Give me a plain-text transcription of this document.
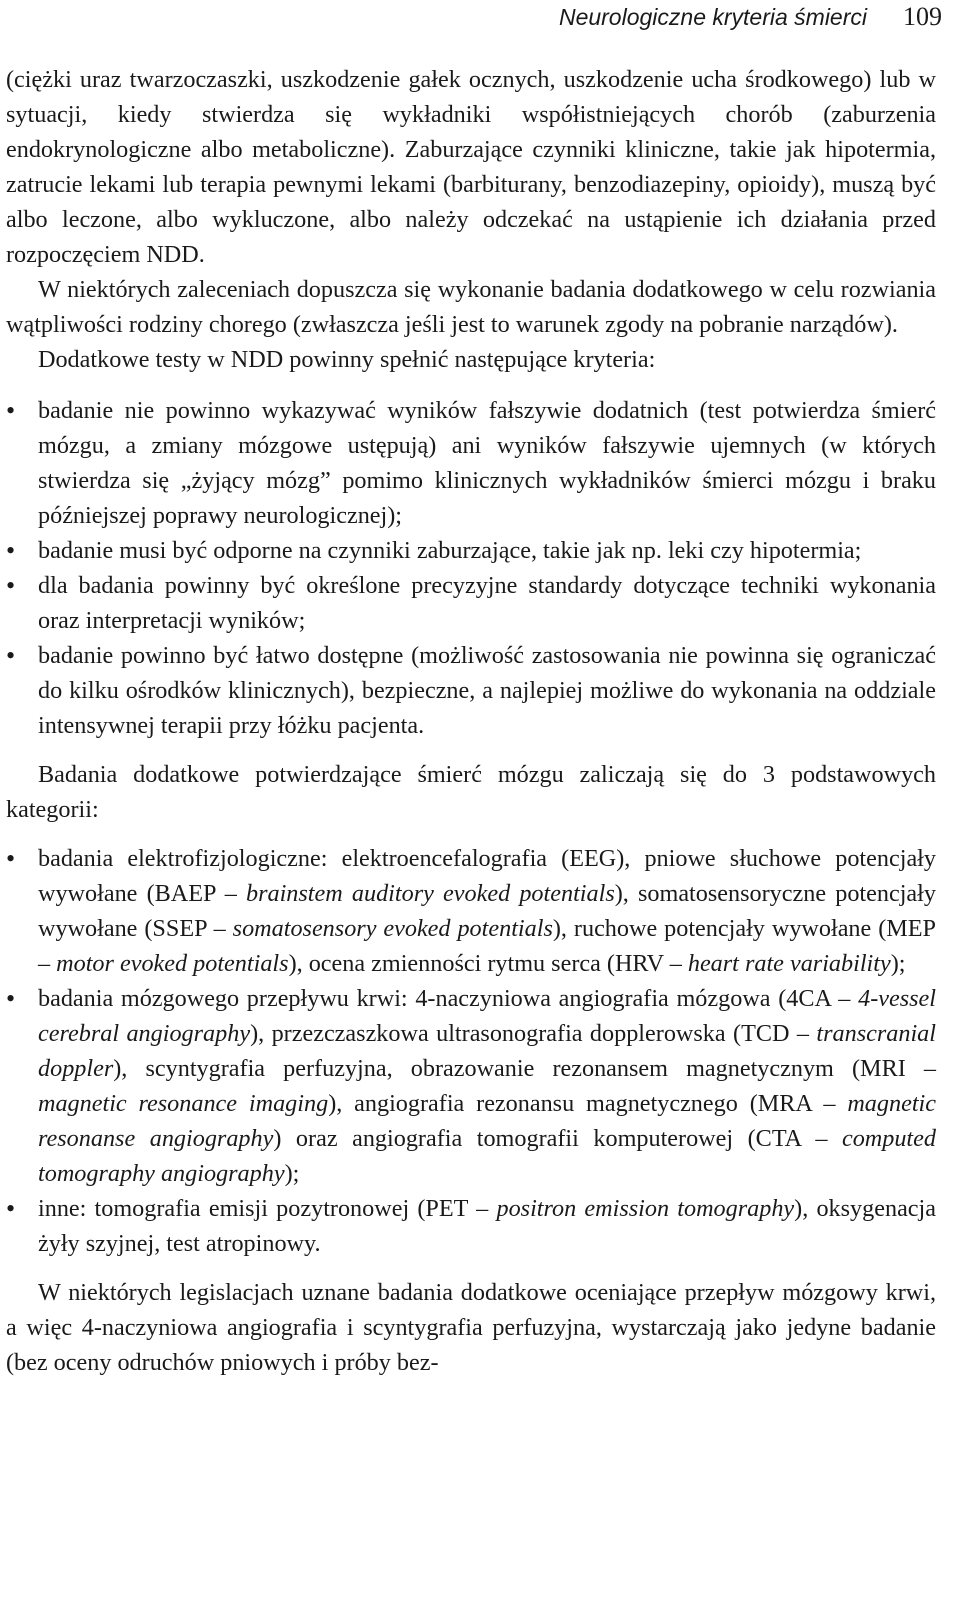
Neurologiczne kryteria śmierci 109

(ciężki uraz twarzoczaszki, uszkodzenie gałek ocznych, uszkodzenie ucha środkowego) lub w sytuacji, kiedy stwierdza się wykładniki współistniejących chorób (zaburzenia endokrynologiczne albo metaboliczne). Zaburzające czynniki kliniczne, takie jak hipotermia, zatrucie lekami lub terapia pewnymi lekami (barbiturany, benzodiazepiny, opioidy), muszą być albo leczone, albo wykluczone, albo należy odczekać na ustąpienie ich działania przed rozpoczęciem NDD.

W niektórych zaleceniach dopuszcza się wykonanie badania dodatkowego w celu rozwiania wątpliwości rodziny chorego (zwłaszcza jeśli jest to warunek zgody na pobranie narządów).

Dodatkowe testy w NDD powinny spełnić następujące kryteria:

• badanie nie powinno wykazywać wyników fałszywie dodatnich (test potwierdza śmierć mózgu, a zmiany mózgowe ustępują) ani wyników fałszywie ujemnych (w których stwierdza się „żyjący mózg” pomimo klinicznych wykładników śmierci mózgu i braku późniejszej poprawy neurologicznej);
• badanie musi być odporne na czynniki zaburzające, takie jak np. leki czy hipotermia;
• dla badania powinny być określone precyzyjne standardy dotyczące techniki wykonania oraz interpretacji wyników;
• badanie powinno być łatwo dostępne (możliwość zastosowania nie powinna się ograniczać do kilku ośrodków klinicznych), bezpieczne, a najlepiej możliwe do wykonania na oddziale intensywnej terapii przy łóżku pacjenta.

Badania dodatkowe potwierdzające śmierć mózgu zaliczają się do 3 podstawowych kategorii:

• badania elektrofizjologiczne: elektroencefalografia (EEG), pniowe słuchowe potencjały wywołane (BAEP – brainstem auditory evoked potentials), somatosensoryczne potencjały wywołane (SSEP – somatosensory evoked potentials), ruchowe potencjały wywołane (MEP – motor evoked potentials), ocena zmienności rytmu serca (HRV – heart rate variability);
• badania mózgowego przepływu krwi: 4-naczyniowa angiografia mózgowa (4CA – 4-vessel cerebral angiography), przezczaszkowa ultrasonografia dopplerowska (TCD – transcranial doppler), scyntygrafia perfuzyjna, obrazowanie rezonansem magnetycznym (MRI – magnetic resonance imaging), angiografia rezonansu magnetycznego (MRA – magnetic resonanse angiography) oraz angiografia tomografii komputerowej (CTA – computed tomography angiography);
• inne: tomografia emisji pozytronowej (PET – positron emission tomography), oksygenacja żyły szyjnej, test atropinowy.

W niektórych legislacjach uznane badania dodatkowe oceniające przepływ mózgowy krwi, a więc 4-naczyniowa angiografia i scyntygrafia perfuzyjna, wystarczają jako jedyne badanie (bez oceny odruchów pniowych i próby bez-
